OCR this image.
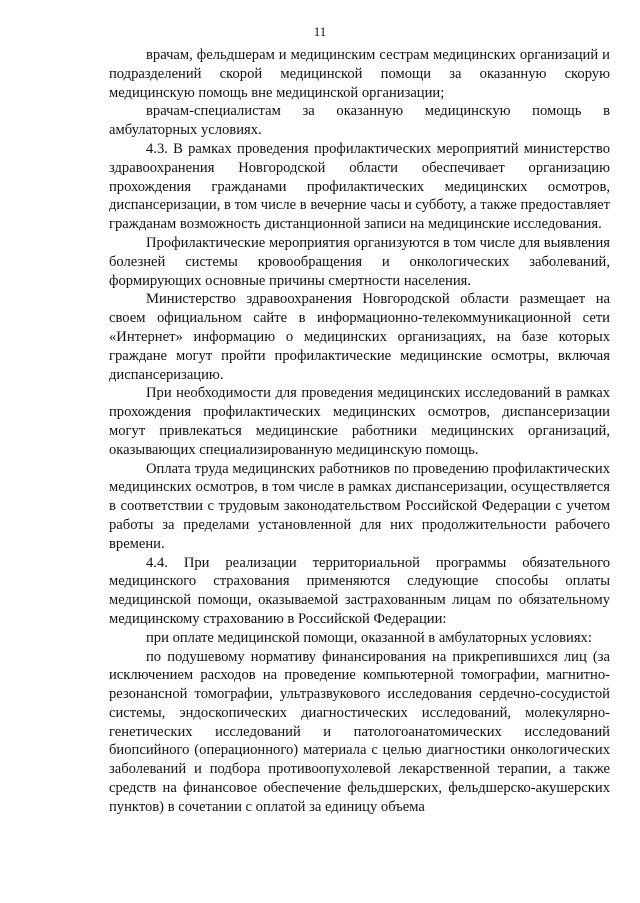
11

врачам, фельдшерам и медицинским сестрам медицинских организаций и подразделений скорой медицинской помощи за оказанную скорую медицинскую помощь вне медицинской организации;

врачам-специалистам за оказанную медицинскую помощь в амбулаторных условиях.

4.3. В рамках проведения профилактических мероприятий министерство здравоохранения Новгородской области обеспечивает организацию прохождения гражданами профилактических медицинских осмотров, диспансеризации, в том числе в вечерние часы и субботу, а также предоставляет гражданам возможность дистанционной записи на медицинские исследования.

Профилактические мероприятия организуются в том числе для выявления болезней системы кровообращения и онкологических заболеваний, формирующих основные причины смертности населения.

Министерство здравоохранения Новгородской области размещает на своем официальном сайте в информационно-телекоммуникационной сети «Интернет» информацию о медицинских организациях, на базе которых граждане могут пройти профилактические медицинские осмотры, включая диспансеризацию.

При необходимости для проведения медицинских исследований в рамках прохождения профилактических медицинских осмотров, диспансеризации могут привлекаться медицинские работники медицинских организаций, оказывающих специализированную медицинскую помощь.

Оплата труда медицинских работников по проведению профилактических медицинских осмотров, в том числе в рамках диспансеризации, осуществляется в соответствии с трудовым законодательством Российской Федерации с учетом работы за пределами установленной для них продолжительности рабочего времени.

4.4. При реализации территориальной программы обязательного медицинского страхования применяются следующие способы оплаты медицинской помощи, оказываемой застрахованным лицам по обязательному медицинскому страхованию в Российской Федерации:

при оплате медицинской помощи, оказанной в амбулаторных условиях:

по подушевому нормативу финансирования на прикрепившихся лиц (за исключением расходов на проведение компьютерной томографии, магнитно-резонансной томографии, ультразвукового исследования сердечно-сосудистой системы, эндоскопических диагностических исследований, молекулярно-генетических исследований и патологоанатомических исследований биопсийного (операционного) материала с целью диагностики онкологических заболеваний и подбора противоопухолевой лекарственной терапии, а также средств на финансовое обеспечение фельдшерских, фельдшерско-акушерских пунктов) в сочетании с оплатой за единицу объема
